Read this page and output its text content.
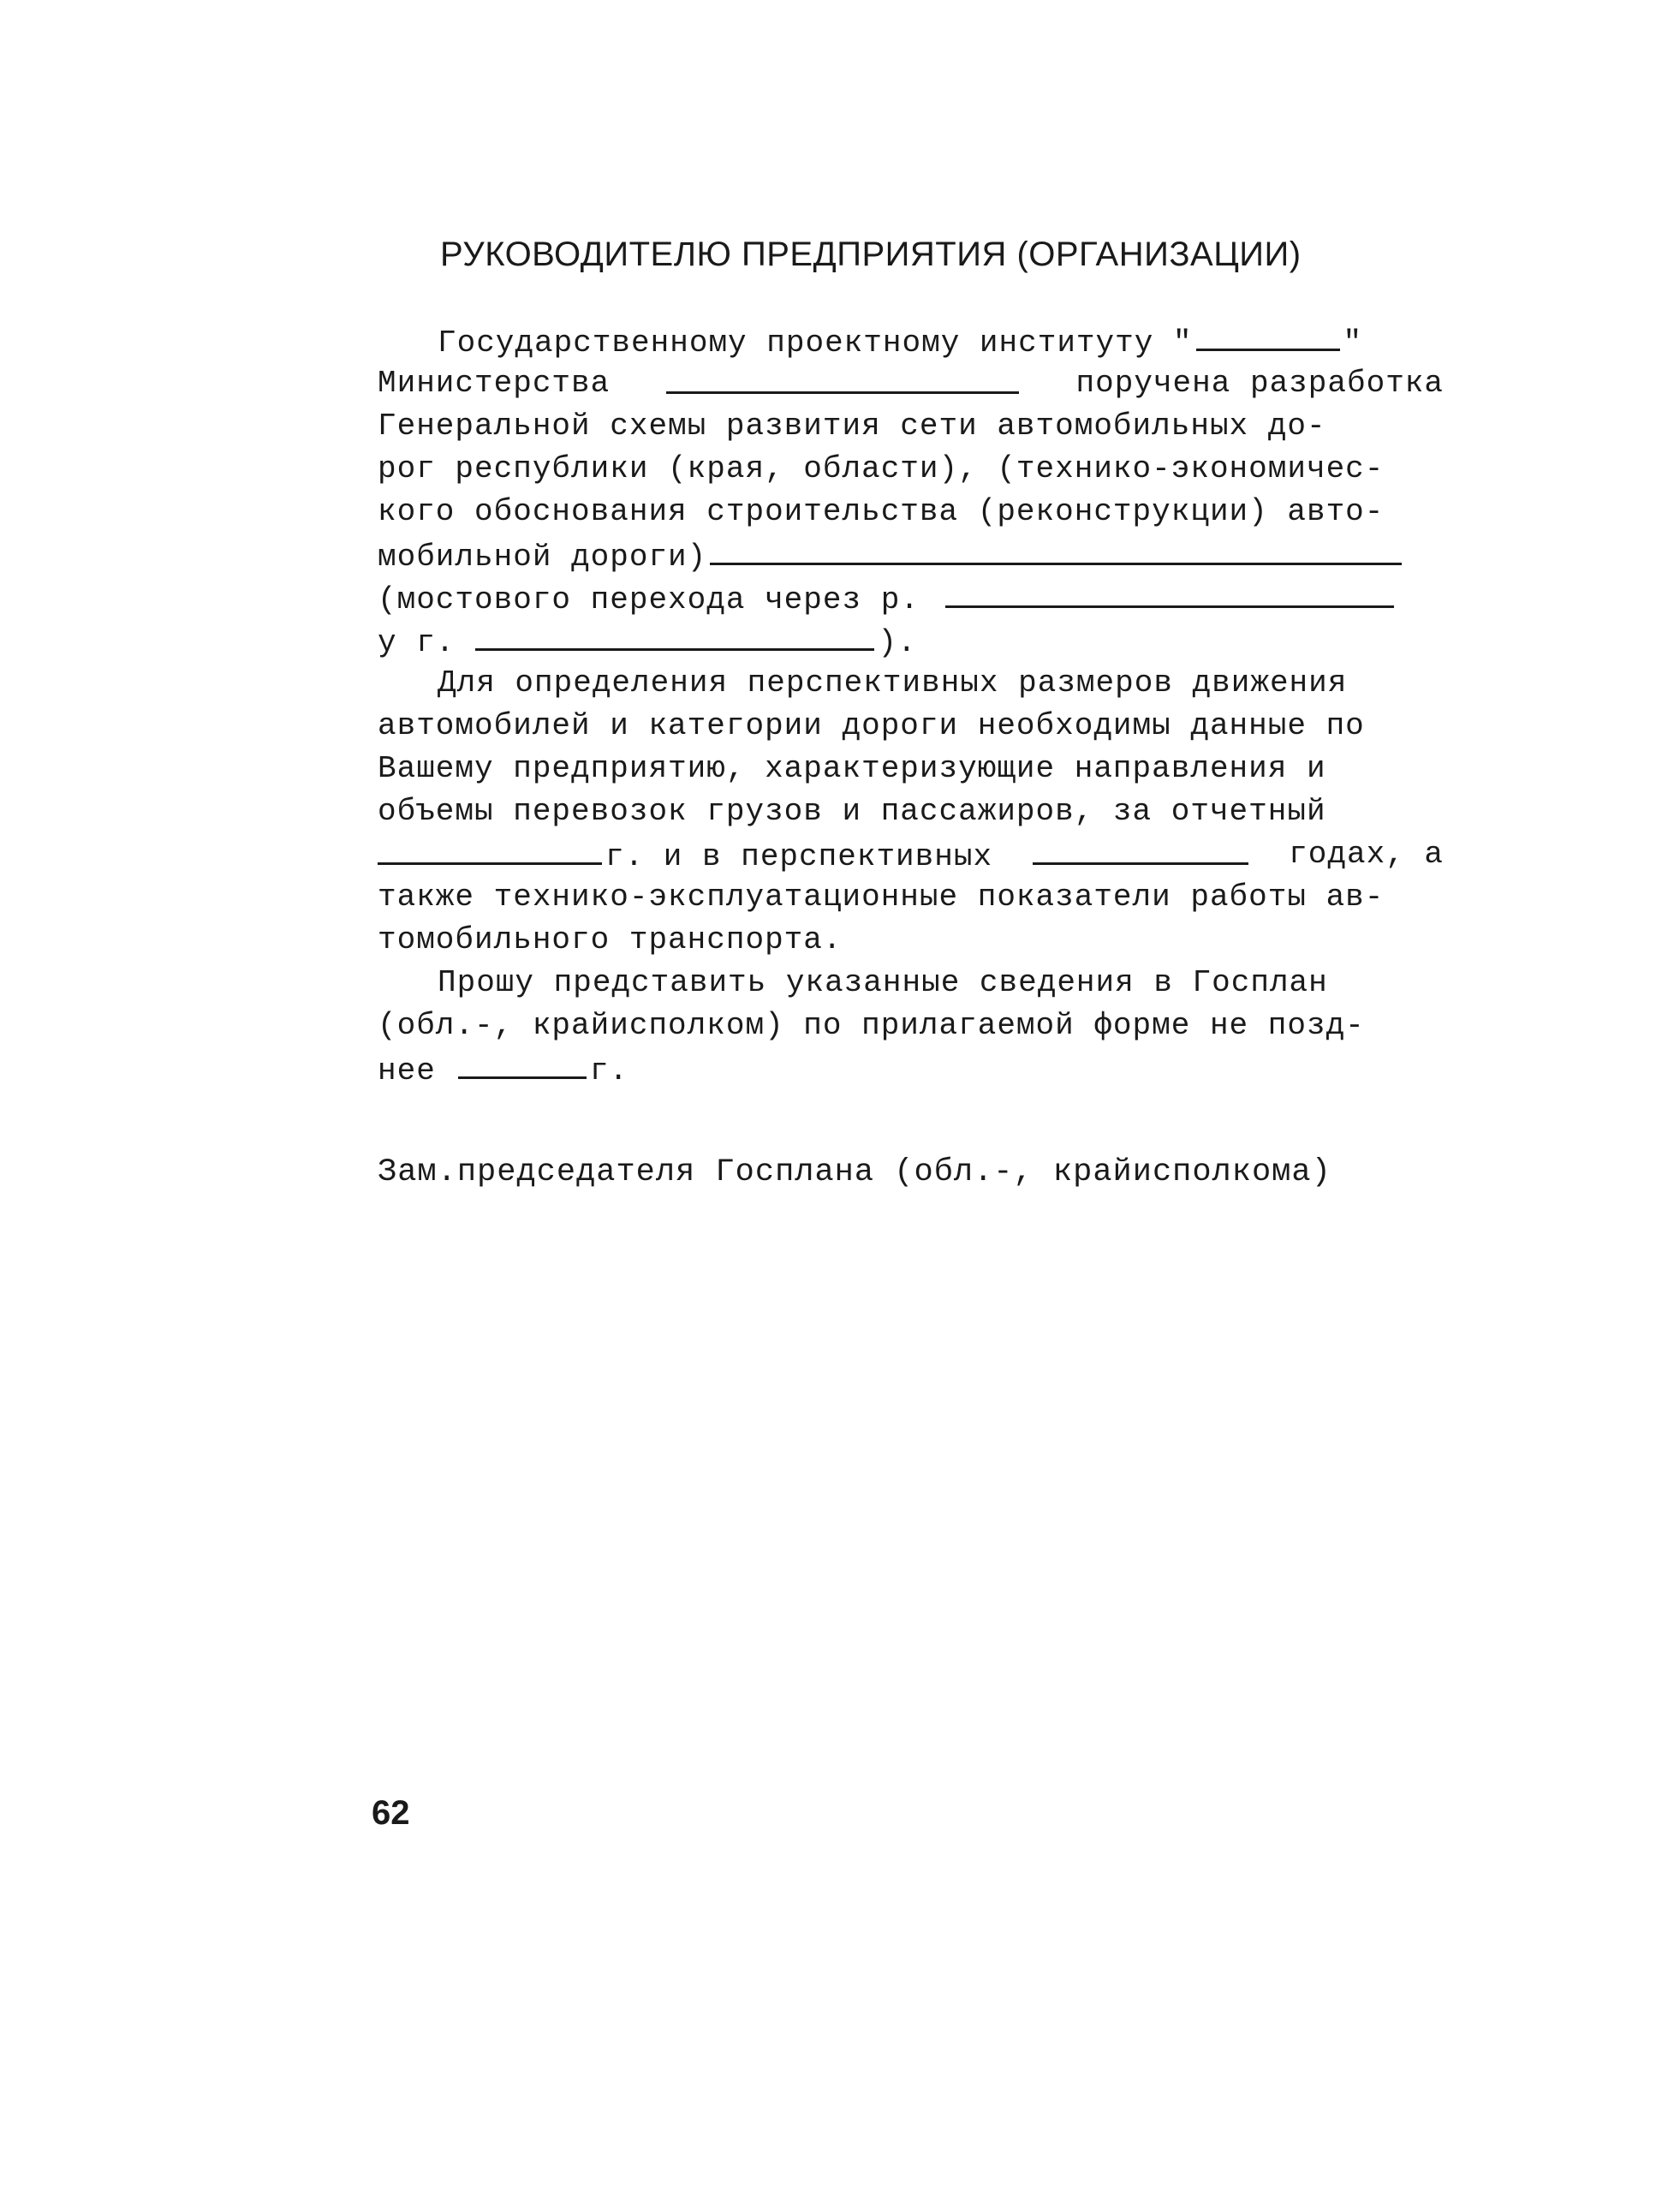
РУКОВОДИТЕЛЮ ПРЕДПРИЯТИЯ (ОРГАНИЗАЦИИ)
Государственному проектному институту "	"
Министерства	поручена разработка
Генеральной схемы развития сети автомобильных до-
рог республики (края, области), (технико-экономичес-
кого обоснования строительства (реконструкции) авто-
мобильной дороги)
(мостового перехода через р.
у г.	).
Для определения перспективных размеров движения
автомобилей и категории дороги необходимы данные по
Вашему предприятию, характеризующие направления и
объемы перевозок грузов и пассажиров, за отчетный
г. и в перспективных	годах, а
также технико-эксплуатационные показатели работы ав-
томобильного транспорта.
Прошу представить указанные сведения в Госплан
(обл.-, крайисполком) по прилагаемой форме не позд-
нее	г.
Зам.председателя Госплана (обл.-, крайисполкома)
62
